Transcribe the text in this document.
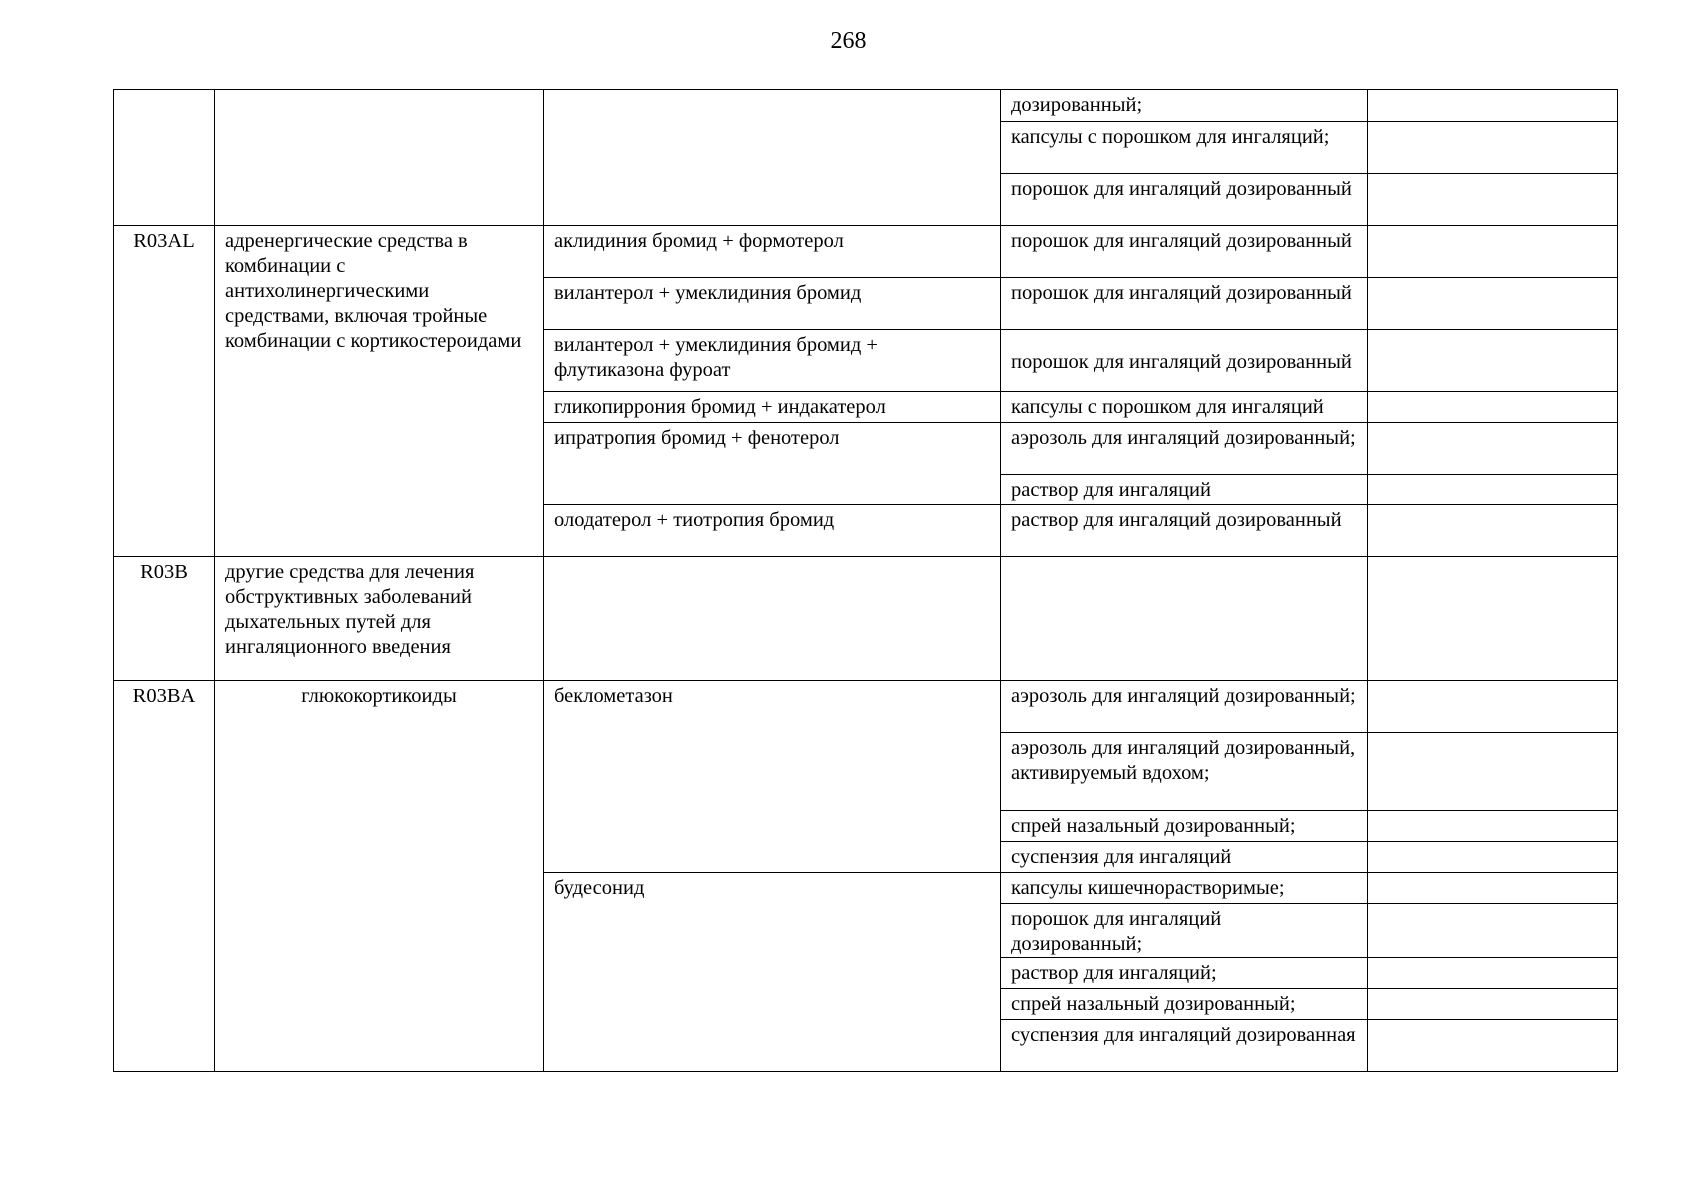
268
			дозированный;	
			капсулы с порошком для ингаляций;	
			порошок для ингаляций дозированный	
R03AL	адренергические средства в комбинации с антихолинергическими средствами, включая тройные комбинации с кортикостероидами	аклидиния бромид + формотерол	порошок для ингаляций дозированный	
		вилантерол + умеклидиния бромид	порошок для ингаляций дозированный	
		вилантерол + умеклидиния бромид + флутиказона фуроат	порошок для ингаляций дозированный	
		гликопиррония бромид + индакатерол	капсулы с порошком для ингаляций	
		ипратропия бромид + фенотерол	аэрозоль для ингаляций дозированный;	
			раствор для ингаляций	
		олодатерол + тиотропия бромид	раствор для ингаляций дозированный	

R03B	другие средства для лечения обструктивных заболеваний дыхательных путей для ингаляционного введения			
R03BA	глюкокортикоиды	беклометазон	аэрозоль для ингаляций дозированный;	
			аэрозоль для ингаляций дозированный, активируемый вдохом;	
			спрей назальный дозированный;	
			суспензия для ингаляций	
		будесонид	капсулы кишечнорастворимые;	
			порошок для ингаляций дозированный;	
			раствор для ингаляций;	
			спрей назальный дозированный;	
			суспензия для ингаляций дозированная	
